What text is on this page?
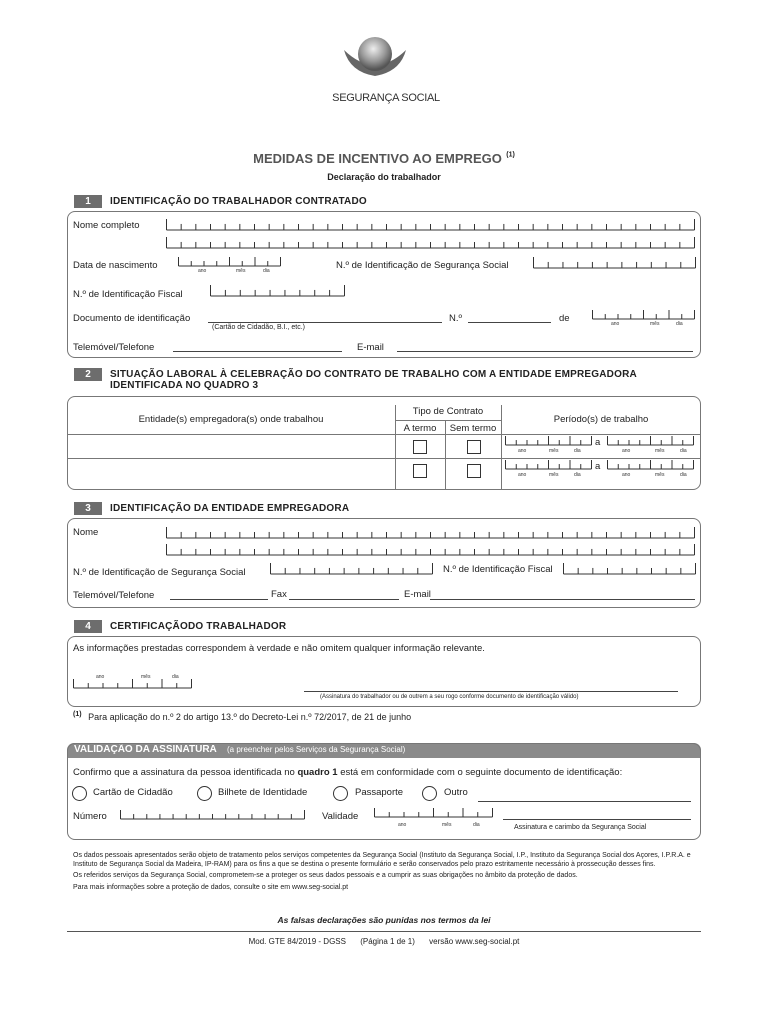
SEGURANÇA SOCIAL
MEDIDAS DE INCENTIVO AO EMPREGO $^{(1)}$
Declaração do trabalhador
1	IDENTIFICAÇÃO DO TRABALHADOR CONTRATADO
Nome completo
Data de nascimento	ano	mês	dia	N.º de Identificação de Segurança Social
N.º de Identificação Fiscal
Documento de identificação
(Cartão de Cidadão, B.I., etc.)
N.º	de	ano	mês	dia
Telemóvel/Telefone	E-mail
2	SITUAÇÃO LABORAL À CELEBRAÇÃO DO CONTRATO DE TRABALHO COM A ENTIDADE EMPREGADORA
IDENTIFICADA NO QUADRO 3
Entidade(s) empregadora(s) onde trabalhou
Tipo de Contrato
A termo	Sem termo
Período(s) de trabalho
a
ano	mês	dia	ano	mês	dia
a
ano	mês	dia	ano	mês	dia
3	IDENTIFICAÇÃO DA ENTIDADE EMPREGADORA
Nome
N.º de Identificação de Segurança Social	N.º de Identificação Fiscal
Telemóvel/Telefone	Fax	E-mail
4	CERTIFICAÇÃODO TRABALHADOR
As informações prestadas correspondem à verdade e não omitem qualquer informação relevante.
ano	mês	dia
(Assinatura do trabalhador ou de outrem a seu rogo conforme documento de identificação válido)
$^{(1)}$ Para aplicação do n.º 2 do artigo 13.º do Decreto-Lei n.º 72/2017, de 21 de junho
VALIDAÇÃO DA ASSINATURA (a preencher pelos Serviços da Segurança Social)
Confirmo que a assinatura da pessoa identificada no quadro 1 está em conformidade com o seguinte documento de identificação:
Cartão de Cidadão	Bilhete de Identidade	Passaporte	Outro
Número	Validade
ano	mês	dia	Assinatura e carimbo da Segurança Social

Os dados pessoais apresentados serão objeto de tratamento pelos serviços competentes da Segurança Social (Instituto da Segurança Social, I.P., Instituto da Segurança Social dos Açores, I.P.R.A. e Instituto de Segurança Social da Madeira, IP-RAM) para os fins a que se destina o presente formulário e serão conservados pelo prazo estritamente necessário à prossecução desses fins.

Os referidos serviços da Segurança Social, comprometem-se a proteger os seus dados pessoais e a cumprir as suas obrigações no âmbito da proteção de dados.

Para mais informações sobre a proteção de dados, consulte o site em www.seg-social.pt

As falsas declarações são punidas nos termos da lei
Mod. GTE 84/2019 - DGSS (Página 1 de 1) versão www.seg-social.pt
